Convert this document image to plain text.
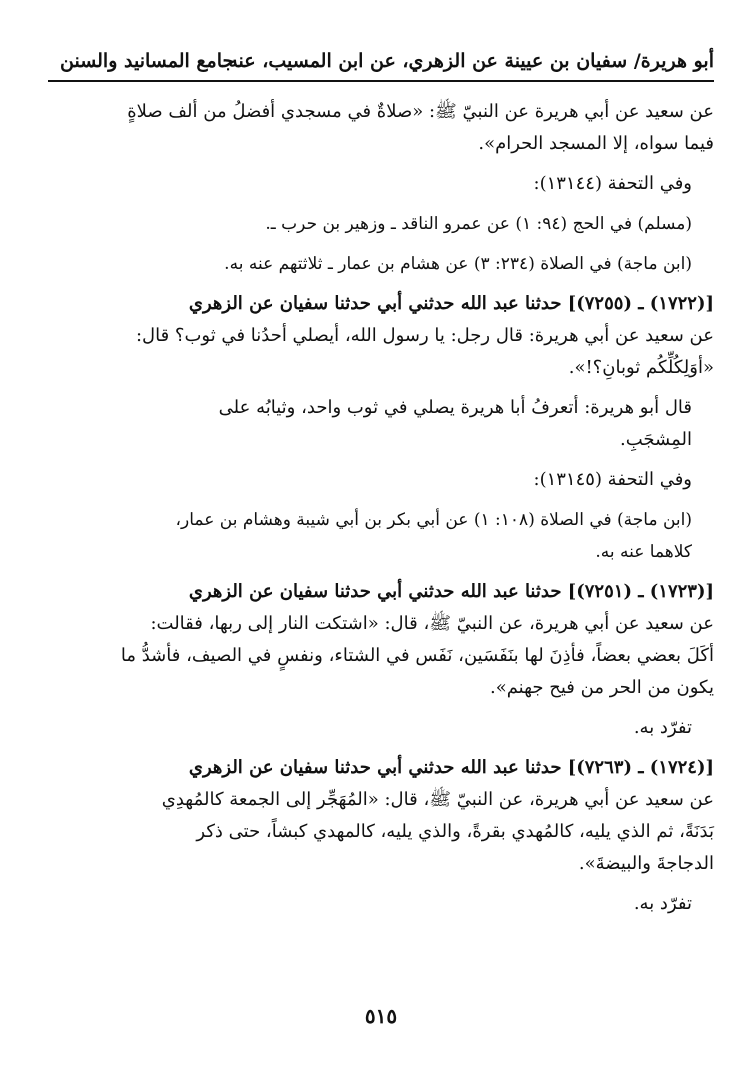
أبو هريرة/ سفيان بن عيينة عن الزهري، عن ابن المسيب، عنه
جامع المسانيد والسنن

عن سعيد عن أبي هريرة عن النبيّ ﷺ: «صلاةٌ في مسجدي أفضلُ من ألف صلاةٍ
فيما سواه، إلا المسجد الحرام».

وفي التحفة (١٣١٤٤):

(مسلم) في الحج (٩٤: ١) عن عمرو الناقد ـ وزهير بن حرب ـ.

(ابن ماجة) في الصلاة (٢٣٤: ٣) عن هشام بن عمار ـ ثلاثتهم عنه به.

[(١٧٢٢) ـ (٧٢٥٥)] حدثنا عبد الله حدثني أبي حدثنا سفيان عن الزهري
عن سعيد عن أبي هريرة: قال رجل: يا رسول الله، أيصلي أحدُنا في ثوب؟ قال:
«أوَلِكُلِّكُم ثوبانِ؟!».

قال أبو هريرة: أتعرفُ أبا هريرة يصلي في ثوب واحد، وثيابُه على
المِشجَبِ.

وفي التحفة (١٣١٤٥):

(ابن ماجة) في الصلاة (١٠٨: ١) عن أبي بكر بن أبي شيبة وهشام بن عمار،
كلاهما عنه به.

[(١٧٢٣) ـ (٧٢٥١)] حدثنا عبد الله حدثني أبي حدثنا سفيان عن الزهري
عن سعيد عن أبي هريرة، عن النبيّ ﷺ، قال: «اشتكت النار إلى ربها، فقالت:
أكَلَ بعضي بعضاً، فأذِنَ لها بنَفَسَين، نَفَس في الشتاء، ونفسٍ في الصيف، فأشدُّ ما
يكون من الحر من فيح جهنم».

تفرّد به.

[(١٧٢٤) ـ (٧٢٦٣)] حدثنا عبد الله حدثني أبي حدثنا سفيان عن الزهري
عن سعيد عن أبي هريرة، عن النبيّ ﷺ، قال: «المُهَجِّر إلى الجمعة كالمُهدِي
بَدَنَةً، ثم الذي يليه، كالمُهدي بقرةً، والذي يليه، كالمهدي كبشاً، حتى ذكر
الدجاجةَ والبيضةَ».

تفرّد به.

٥١٥
